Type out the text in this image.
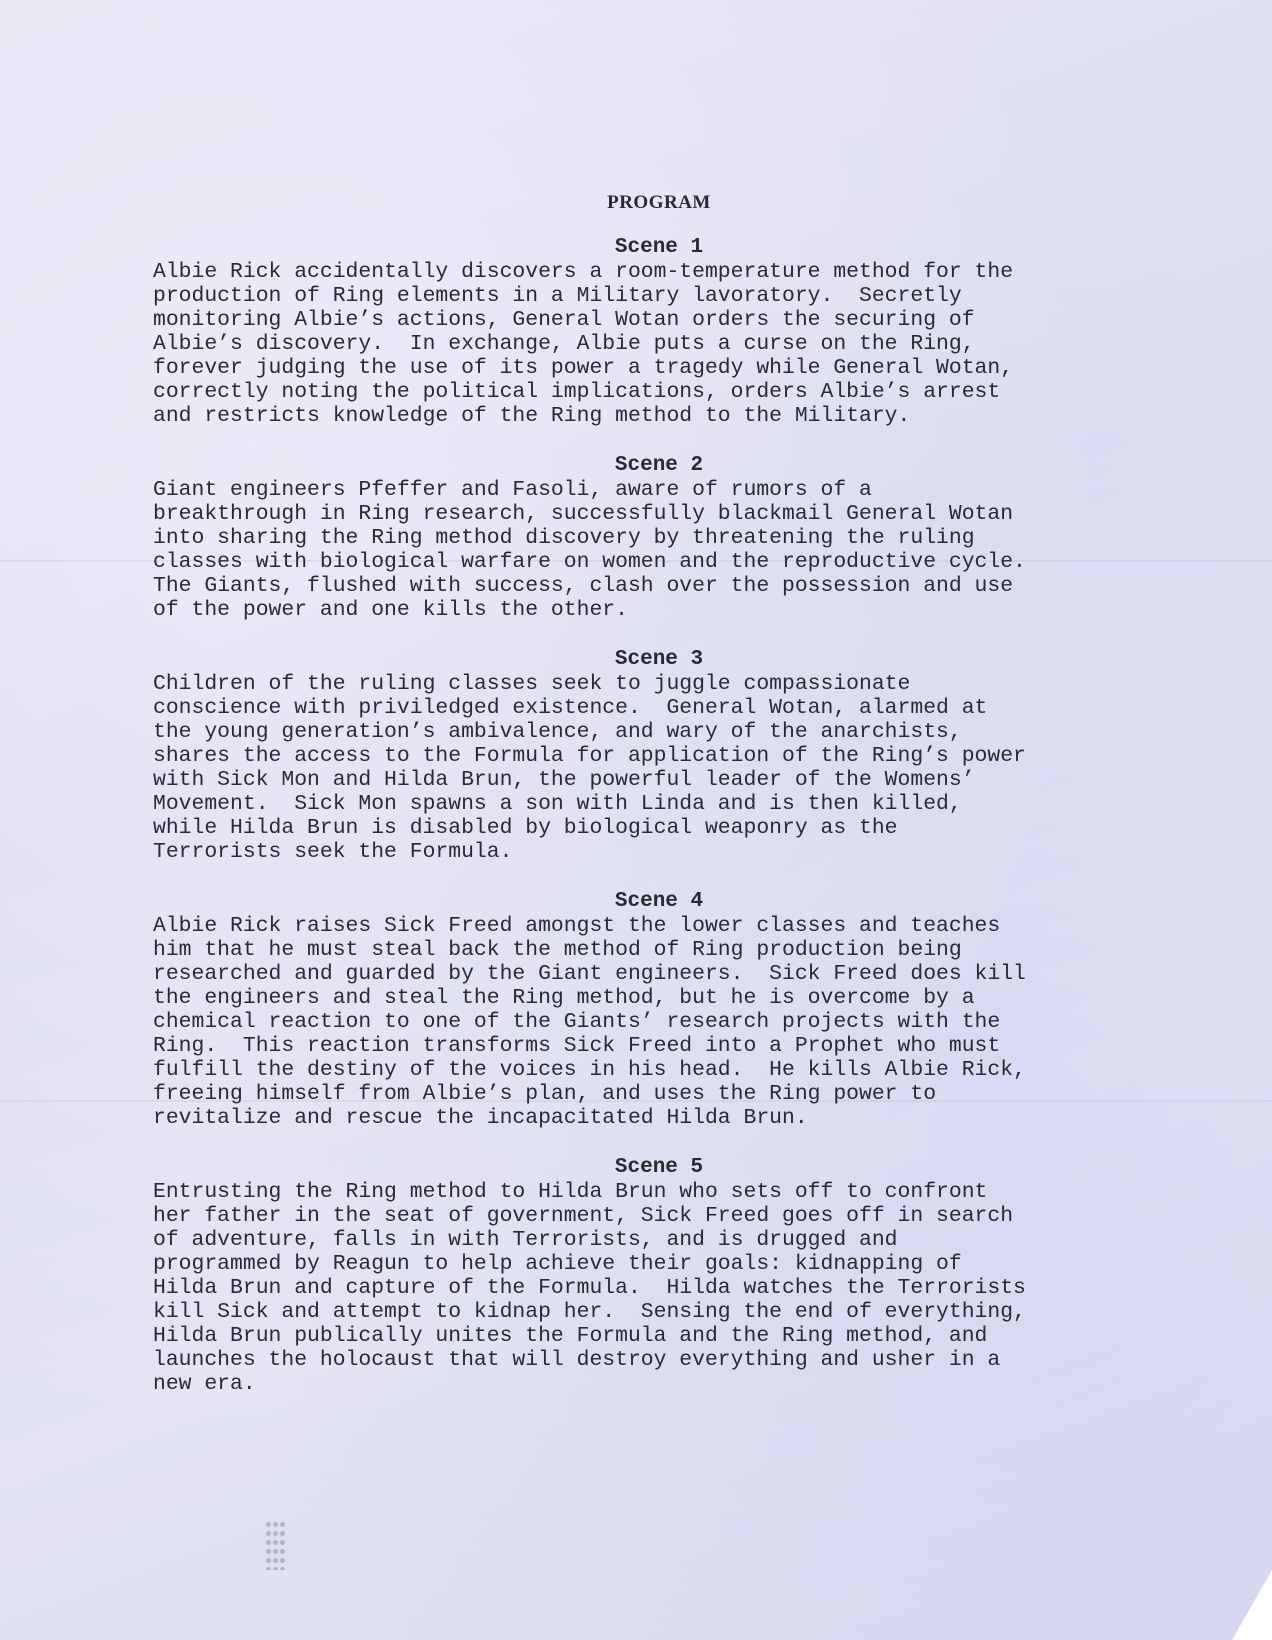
PROGRAM
Scene 1

Albie Rick accidentally discovers a room-temperature method for the
production of Ring elements in a Military lavoratory.  Secretly
monitoring Albie’s actions, General Wotan orders the securing of
Albie’s discovery.  In exchange, Albie puts a curse on the Ring,
forever judging the use of its power a tragedy while General Wotan,
correctly noting the political implications, orders Albie’s arrest
and restricts knowledge of the Ring method to the Military.

Scene 2

Giant engineers Pfeffer and Fasoli, aware of rumors of a
breakthrough in Ring research, successfully blackmail General Wotan
into sharing the Ring method discovery by threatening the ruling
classes with biological warfare on women and the reproductive cycle.
The Giants, flushed with success, clash over the possession and use
of the power and one kills the other.

Scene 3

Children of the ruling classes seek to juggle compassionate
conscience with priviledged existence.  General Wotan, alarmed at
the young generation’s ambivalence, and wary of the anarchists,
shares the access to the Formula for application of the Ring’s power
with Sick Mon and Hilda Brun, the powerful leader of the Womens’
Movement.  Sick Mon spawns a son with Linda and is then killed,
while Hilda Brun is disabled by biological weaponry as the
Terrorists seek the Formula.

Scene 4

Albie Rick raises Sick Freed amongst the lower classes and teaches
him that he must steal back the method of Ring production being
researched and guarded by the Giant engineers.  Sick Freed does kill
the engineers and steal the Ring method, but he is overcome by a
chemical reaction to one of the Giants’ research projects with the
Ring.  This reaction transforms Sick Freed into a Prophet who must
fulfill the destiny of the voices in his head.  He kills Albie Rick,
freeing himself from Albie’s plan, and uses the Ring power to
revitalize and rescue the incapacitated Hilda Brun.

Scene 5

Entrusting the Ring method to Hilda Brun who sets off to confront
her father in the seat of government, Sick Freed goes off in search
of adventure, falls in with Terrorists, and is drugged and
programmed by Reagun to help achieve their goals: kidnapping of
Hilda Brun and capture of the Formula.  Hilda watches the Terrorists
kill Sick and attempt to kidnap her.  Sensing the end of everything,
Hilda Brun publically unites the Formula and the Ring method, and
launches the holocaust that will destroy everything and usher in a
new era.
